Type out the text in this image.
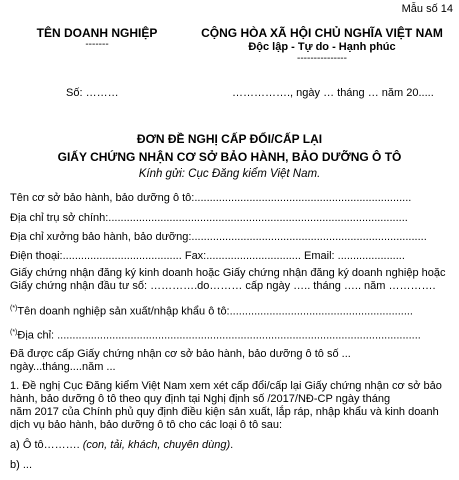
Mẫu số 14
TÊN DOANH NGHIỆP
-------
CỘNG HÒA XÃ HỘI CHỦ NGHĨA VIỆT NAM
Độc lập - Tự do - Hạnh phúc
---------------
Số: ………	……………., ngày … tháng … năm 20.....
ĐƠN ĐỀ NGHỊ CẤP ĐỔI/CẤP LẠI
GIẤY CHỨNG NHẬN CƠ SỞ BẢO HÀNH, BẢO DƯỠNG Ô TÔ
Kính gửi: Cục Đăng kiểm Việt Nam.
Tên cơ sở bảo hành, bảo dưỡng ô tô:.......................................................................
Địa chỉ trụ sở chính:..................................................................................................
Địa chỉ xưởng bảo hành, bảo dưỡng:.............................................................................
Điện thoại:....................................... Fax:............................... Email: ......................
Giấy chứng nhận đăng ký kinh doanh hoặc Giấy chứng nhận đăng ký doanh nghiệp hoặc
Giấy chứng nhận đầu tư số: ………….do……… cấp ngày ….. tháng ….. năm ………….
(*)Tên doanh nghiệp sản xuất/nhập khẩu ô tô:............................................................
(*)Địa chỉ: .......................................................................................................................
Đã được cấp Giấy chứng nhận cơ sở bảo hành, bảo dưỡng ô tô số ...
ngày...tháng....năm ...
1. Đề nghị Cục Đăng kiểm Việt Nam xem xét cấp đổi/cấp lại Giấy chứng nhận cơ sở bảo
hành, bảo dưỡng ô tô theo quy định tại Nghị định số /2017/NĐ-CP ngày tháng
năm 2017 của Chính phủ quy định điều kiện sản xuất, lắp ráp, nhập khẩu và kinh doanh
dịch vụ bảo hành, bảo dưỡng ô tô cho các loại ô tô sau:
a) Ô tô………. (con, tải, khách, chuyên dùng).
b) ...
